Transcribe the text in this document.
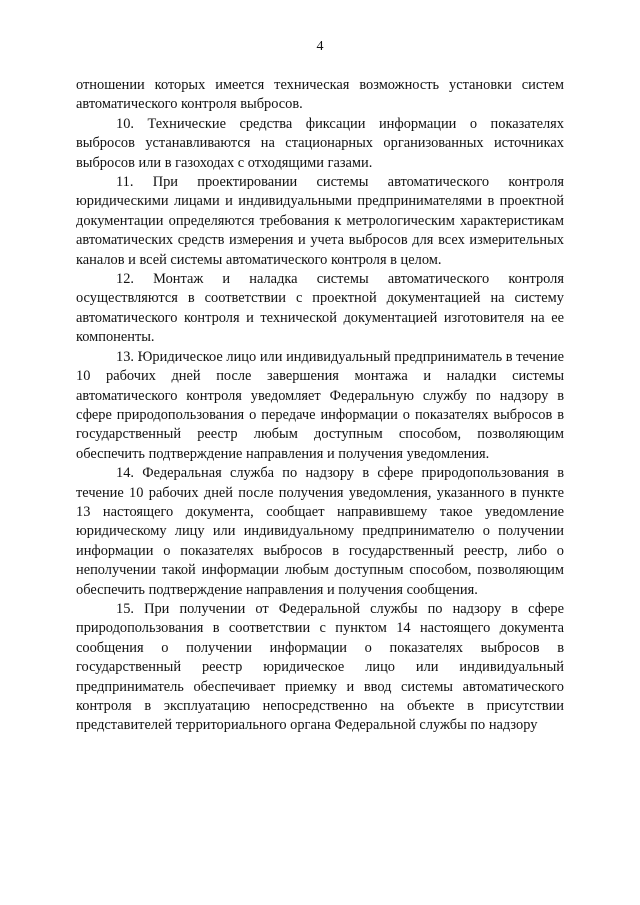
4

отношении которых имеется техническая возможность установки систем автоматического контроля выбросов.

10. Технические средства фиксации информации о показателях выбросов устанавливаются на стационарных организованных источниках выбросов или в газоходах с отходящими газами.

11. При проектировании системы автоматического контроля юридическими лицами и индивидуальными предпринимателями в проектной документации определяются требования к метрологическим характеристикам автоматических средств измерения и учета выбросов для всех измерительных каналов и всей системы автоматического контроля в целом.

12. Монтаж и наладка системы автоматического контроля осуществляются в соответствии с проектной документацией на систему автоматического контроля и технической документацией изготовителя на ее компоненты.

13. Юридическое лицо или индивидуальный предприниматель в течение 10 рабочих дней после завершения монтажа и наладки системы автоматического контроля уведомляет Федеральную службу по надзору в сфере природопользования о передаче информации о показателях выбросов в государственный реестр любым доступным способом, позволяющим обеспечить подтверждение направления и получения уведомления.

14. Федеральная служба по надзору в сфере природопользования в течение 10 рабочих дней после получения уведомления, указанного в пункте 13 настоящего документа, сообщает направившему такое уведомление юридическому лицу или индивидуальному предпринимателю о получении информации о показателях выбросов в государственный реестр, либо о неполучении такой информации любым доступным способом, позволяющим обеспечить подтверждение направления и получения сообщения.

15. При получении от Федеральной службы по надзору в сфере природопользования в соответствии с пунктом 14 настоящего документа сообщения о получении информации о показателях выбросов в государственный реестр юридическое лицо или индивидуальный предприниматель обеспечивает приемку и ввод системы автоматического контроля в эксплуатацию непосредственно на объекте в присутствии представителей территориального органа Федеральной службы по надзору
